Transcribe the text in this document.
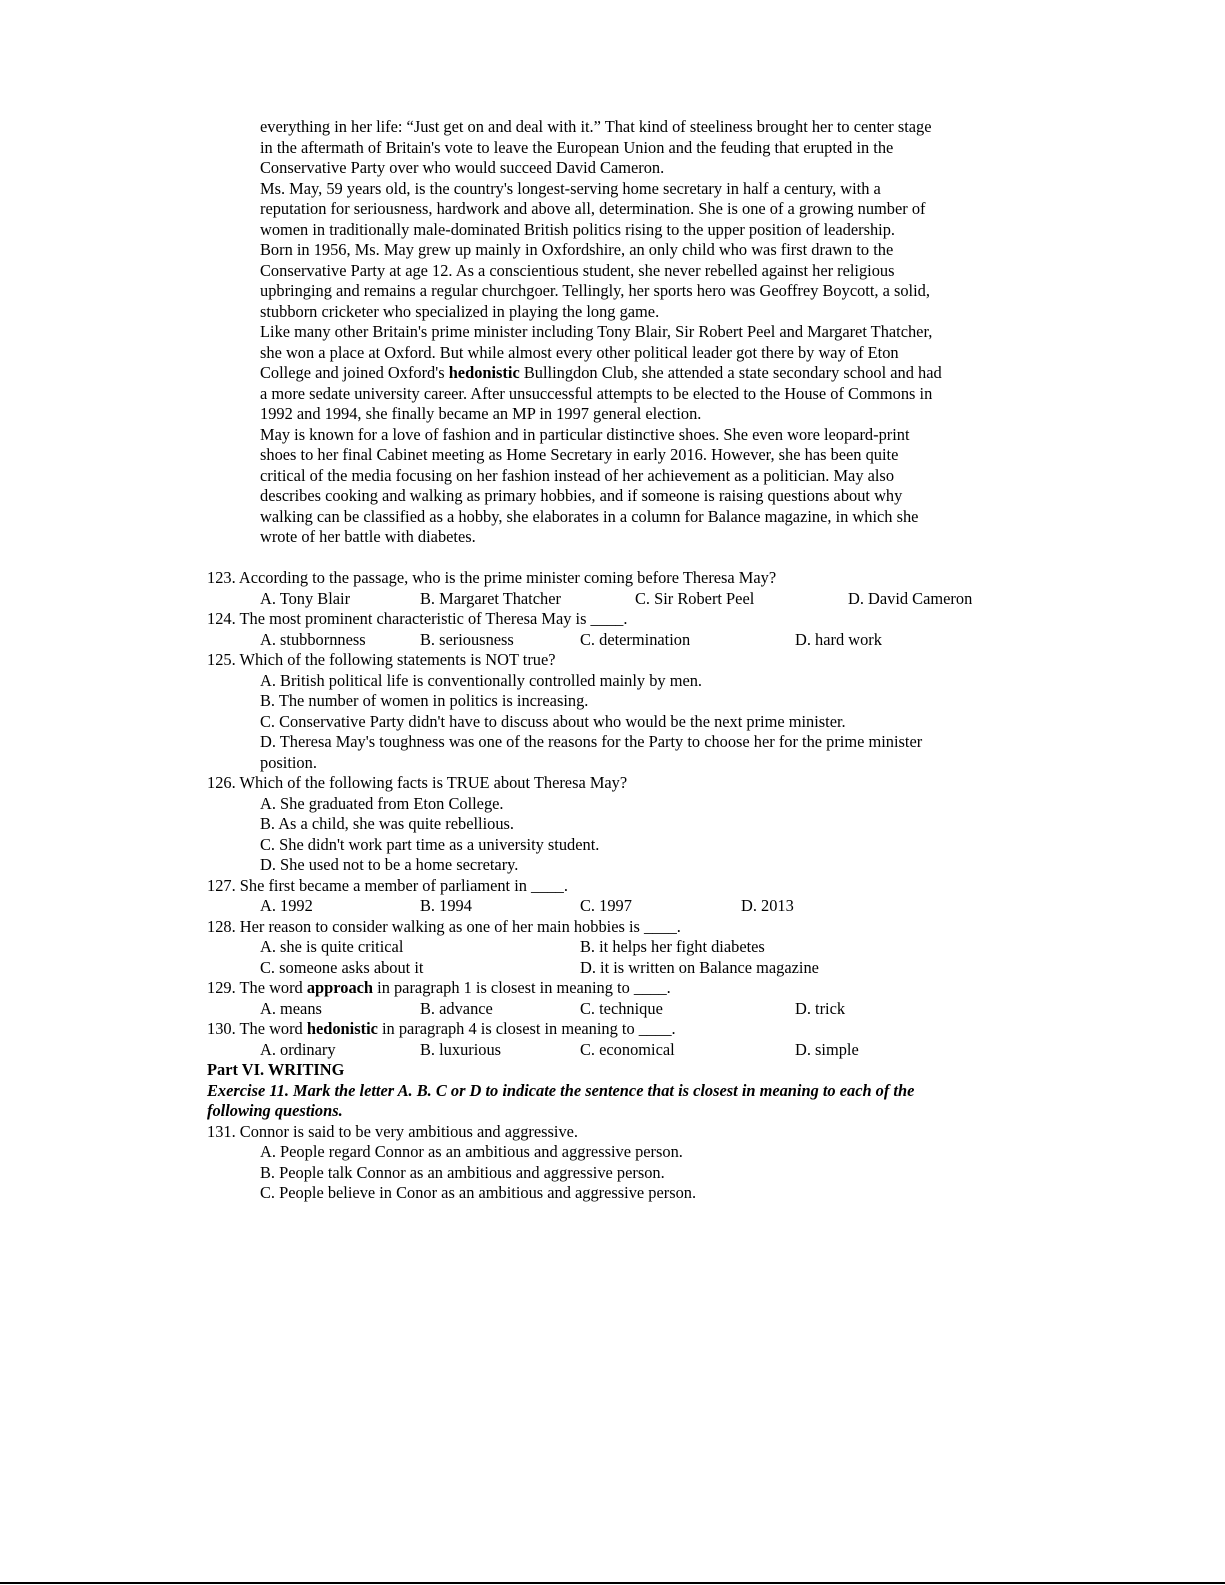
everything in her life: “Just get on and deal with it.” That kind of steeliness brought her to center stage
in the aftermath of Britain's vote to leave the European Union and the feuding that erupted in the
Conservative Party over who would succeed David Cameron.
Ms. May, 59 years old, is the country's longest-serving home secretary in half a century, with a
reputation for seriousness, hardwork and above all, determination. She is one of a growing number of
women in traditionally male-dominated British politics rising to the upper position of leadership.
Born in 1956, Ms. May grew up mainly in Oxfordshire, an only child who was first drawn to the
Conservative Party at age 12. As a conscientious student, she never rebelled against her religious
upbringing and remains a regular churchgoer. Tellingly, her sports hero was Geoffrey Boycott, a solid,
stubborn cricketer who specialized in playing the long game.
Like many other Britain's prime minister including Tony Blair, Sir Robert Peel and Margaret Thatcher,
she won a place at Oxford. But while almost every other political leader got there by way of Eton
College and joined Oxford's hedonistic Bullingdon Club, she attended a state secondary school and had
a more sedate university career. After unsuccessful attempts to be elected to the House of Commons in
1992 and 1994, she finally became an MP in 1997 general election.
May is known for a love of fashion and in particular distinctive shoes. She even wore leopard-print
shoes to her final Cabinet meeting as Home Secretary in early 2016. However, she has been quite
critical of the media focusing on her fashion instead of her achievement as a politician. May also
describes cooking and walking as primary hobbies, and if someone is raising questions about why
walking can be classified as a hobby, she elaborates in a column for Balance magazine, in which she
wrote of her battle with diabetes.
123. According to the passage, who is the prime minister coming before Theresa May?
A. Tony Blair	B. Margaret Thatcher	C. Sir Robert Peel	D. David Cameron
124. The most prominent characteristic of Theresa May is ____.
A. stubbornness	B. seriousness	C. determination	D. hard work
125. Which of the following statements is NOT true?
A. British political life is conventionally controlled mainly by men.
B. The number of women in politics is increasing.
C. Conservative Party didn't have to discuss about who would be the next prime minister.
D. Theresa May's toughness was one of the reasons for the Party to choose her for the prime minister
position.
126. Which of the following facts is TRUE about Theresa May?
A. She graduated from Eton College.
B. As a child, she was quite rebellious.
C. She didn't work part time as a university student.
D. She used not to be a home secretary.
127. She first became a member of parliament in ____.
A. 1992	B. 1994	C. 1997	D. 2013
128. Her reason to consider walking as one of her main hobbies is ____.
A. she is quite critical	B. it helps her fight diabetes
C. someone asks about it	D. it is written on Balance magazine
129. The word approach in paragraph 1 is closest in meaning to ____.
A. means	B. advance	C. technique	D. trick
130. The word hedonistic in paragraph 4 is closest in meaning to ____.
A. ordinary	B. luxurious	C. economical	D. simple
Part VI. WRITING
Exercise 11. Mark the letter A. B. C or D to indicate the sentence that is closest in meaning to each of the
following questions.
131. Connor is said to be very ambitious and aggressive.
A. People regard Connor as an ambitious and aggressive person.
B. People talk Connor as an ambitious and aggressive person.
C. People believe in Conor as an ambitious and aggressive person.
